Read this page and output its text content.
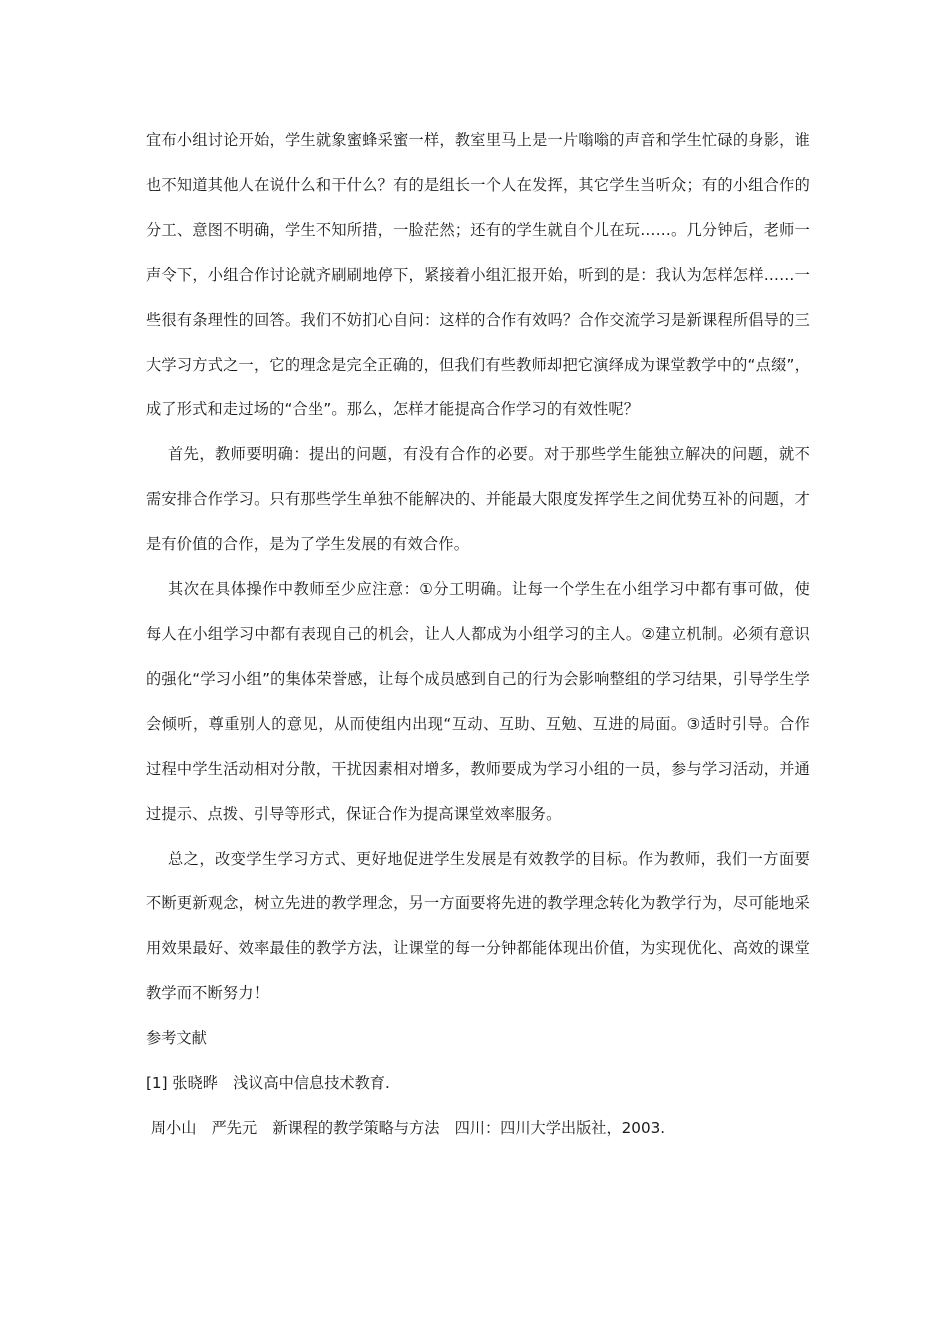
宜布小组讨论开始，学生就象蜜蜂采蜜一样，教室里马上是一片嗡嗡的声音和学生忙碌的身影，谁也不知道其他人在说什么和干什么？有的是组长一个人在发挥，其它学生当听众；有的小组合作的分工、意图不明确，学生不知所措，一脸茫然；还有的学生就自个儿在玩……。几分钟后，老师一声令下，小组合作讨论就齐刷刷地停下，紧接着小组汇报开始，听到的是：我认为怎样怎样……一些很有条理性的回答。我们不妨扪心自问：这样的合作有效吗？合作交流学习是新课程所倡导的三大学习方式之一，它的理念是完全正确的，但我们有些教师却把它演绎成为课堂教学中的“点缀”，成了形式和走过场的“合坐”。那么，怎样才能提高合作学习的有效性呢？

首先，教师要明确：提出的问题，有没有合作的必要。对于那些学生能独立解决的问题，就不需安排合作学习。只有那些学生单独不能解决的、并能最大限度发挥学生之间优势互补的问题，才是有价值的合作，是为了学生发展的有效合作。

其次在具体操作中教师至少应注意：①分工明确。让每一个学生在小组学习中都有事可做，使每人在小组学习中都有表现自己的机会，让人人都成为小组学习的主人。②建立机制。必须有意识的强化“学习小组”的集体荣誉感，让每个成员感到自己的行为会影响整组的学习结果，引导学生学会倾听，尊重别人的意见，从而使组内出现“互动、互助、互勉、互进的局面。③适时引导。合作过程中学生活动相对分散，干扰因素相对增多，教师要成为学习小组的一员，参与学习活动，并通过提示、点拨、引导等形式，保证合作为提高课堂效率服务。

总之，改变学生学习方式、更好地促进学生发展是有效教学的目标。作为教师，我们一方面要不断更新观念，树立先进的教学理念，另一方面要将先进的教学理念转化为教学行为，尽可能地采用效果最好、效率最佳的教学方法，让课堂的每一分钟都能体现出价值，为实现优化、高效的课堂教学而不断努力！

参考文献

[1] 张晓晔　浅议高中信息技术教育.

周小山　严先元　新课程的教学策略与方法　四川：四川大学出版社，2003.
